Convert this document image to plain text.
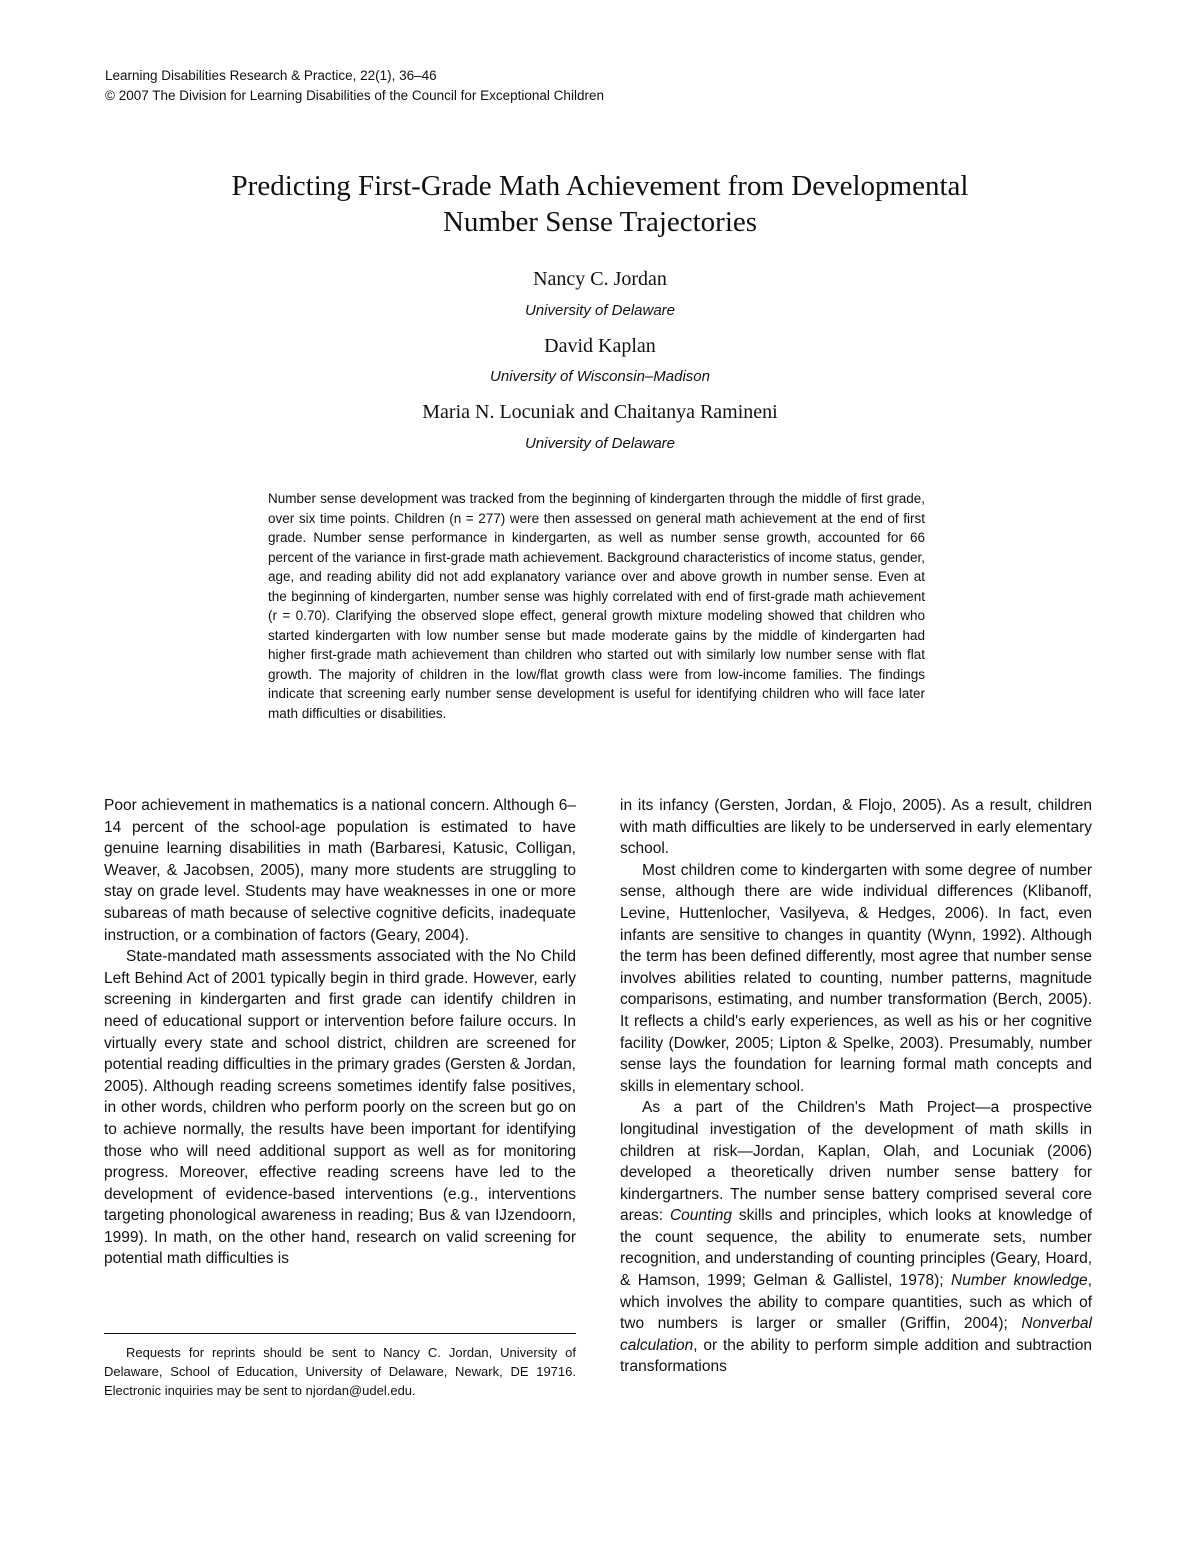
Learning Disabilities Research & Practice, 22(1), 36–46
© 2007 The Division for Learning Disabilities of the Council for Exceptional Children
Predicting First-Grade Math Achievement from Developmental
Number Sense Trajectories
Nancy C. Jordan
University of Delaware
David Kaplan
University of Wisconsin–Madison
Maria N. Locuniak and Chaitanya Ramineni
University of Delaware
Number sense development was tracked from the beginning of kindergarten through the middle of first grade, over six time points. Children (n = 277) were then assessed on general math achievement at the end of first grade. Number sense performance in kindergarten, as well as number sense growth, accounted for 66 percent of the variance in first-grade math achievement. Background characteristics of income status, gender, age, and reading ability did not add explanatory variance over and above growth in number sense. Even at the beginning of kindergarten, number sense was highly correlated with end of first-grade math achievement (r = 0.70). Clarifying the observed slope effect, general growth mixture modeling showed that children who started kindergarten with low number sense but made moderate gains by the middle of kindergarten had higher first-grade math achievement than children who started out with similarly low number sense with flat growth. The majority of children in the low/flat growth class were from low-income families. The findings indicate that screening early number sense development is useful for identifying children who will face later math difficulties or disabilities.

Poor achievement in mathematics is a national concern. Although 6–14 percent of the school-age population is estimated to have genuine learning disabilities in math (Barbaresi, Katusic, Colligan, Weaver, & Jacobsen, 2005), many more students are struggling to stay on grade level. Students may have weaknesses in one or more subareas of math because of selective cognitive deficits, inadequate instruction, or a combination of factors (Geary, 2004).

State-mandated math assessments associated with the No Child Left Behind Act of 2001 typically begin in third grade. However, early screening in kindergarten and first grade can identify children in need of educational support or intervention before failure occurs. In virtually every state and school district, children are screened for potential reading difficulties in the primary grades (Gersten & Jordan, 2005). Although reading screens sometimes identify false positives, in other words, children who perform poorly on the screen but go on to achieve normally, the results have been important for identifying those who will need additional support as well as for monitoring progress. Moreover, effective reading screens have led to the development of evidence-based interventions (e.g., interventions targeting phonological awareness in reading; Bus & van IJzendoorn, 1999). In math, on the other hand, research on valid screening for potential math difficulties is

Requests for reprints should be sent to Nancy C. Jordan, University of Delaware, School of Education, University of Delaware, Newark, DE 19716. Electronic inquiries may be sent to njordan@udel.edu.

in its infancy (Gersten, Jordan, & Flojo, 2005). As a result, children with math difficulties are likely to be underserved in early elementary school.

Most children come to kindergarten with some degree of number sense, although there are wide individual differences (Klibanoff, Levine, Huttenlocher, Vasilyeva, & Hedges, 2006). In fact, even infants are sensitive to changes in quantity (Wynn, 1992). Although the term has been defined differently, most agree that number sense involves abilities related to counting, number patterns, magnitude comparisons, estimating, and number transformation (Berch, 2005). It reflects a child's early experiences, as well as his or her cognitive facility (Dowker, 2005; Lipton & Spelke, 2003). Presumably, number sense lays the foundation for learning formal math concepts and skills in elementary school.

As a part of the Children's Math Project—a prospective longitudinal investigation of the development of math skills in children at risk—Jordan, Kaplan, Olah, and Locuniak (2006) developed a theoretically driven number sense battery for kindergartners. The number sense battery comprised several core areas: Counting skills and principles, which looks at knowledge of the count sequence, the ability to enumerate sets, number recognition, and understanding of counting principles (Geary, Hoard, & Hamson, 1999; Gelman & Gallistel, 1978); Number knowledge, which involves the ability to compare quantities, such as which of two numbers is larger or smaller (Griffin, 2004); Nonverbal calculation, or the ability to perform simple addition and subtraction transformations
